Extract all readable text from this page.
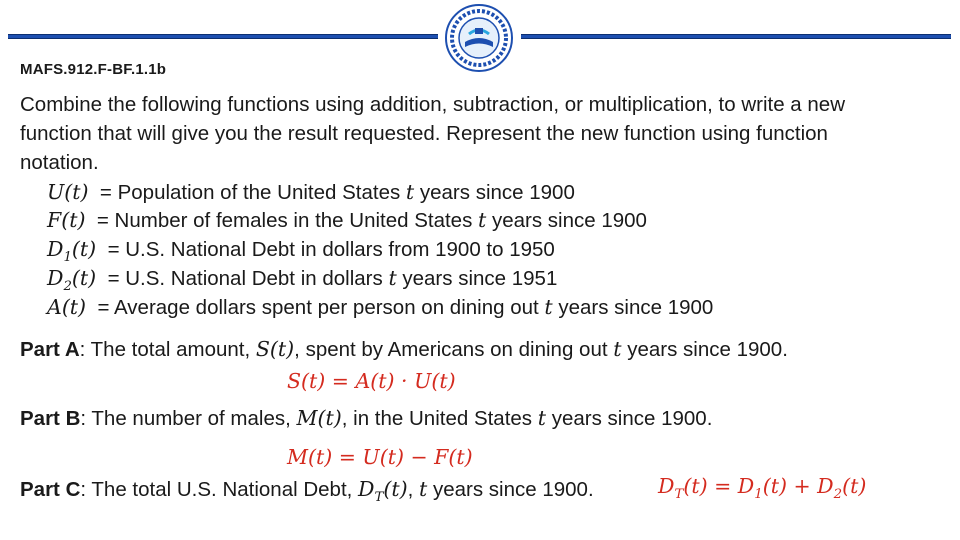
MAFS.912.F-BF.1.1b
Combine the following functions using addition, subtraction, or multiplication, to write a new
function that will give you the result requested. Represent the new function using function
notation.
U(t) = Population of the United States t years since 1900
F(t) = Number of females in the United States t years since 1900
$D_1(t) = U.S$. National Debt in dollars from 1900 to 1950
$D_2(t) = U.S$. National Debt in dollars t years since 1951
A(t) = Average dollars spent per person on dining out t years since 1900
Part A: The total amount, S(t), spent by Americans on dining out t years since 1900.
S(t) = A(t) · U(t)
Part B: The number of males, M(t), in the United States t years since 1900.
M(t) = U(t) − F(t)
Part C: The total U.S. National Debt, $D_T(t)$, t years since 1900.	$D_T(t) = D_1(t) + D_2(t)$
